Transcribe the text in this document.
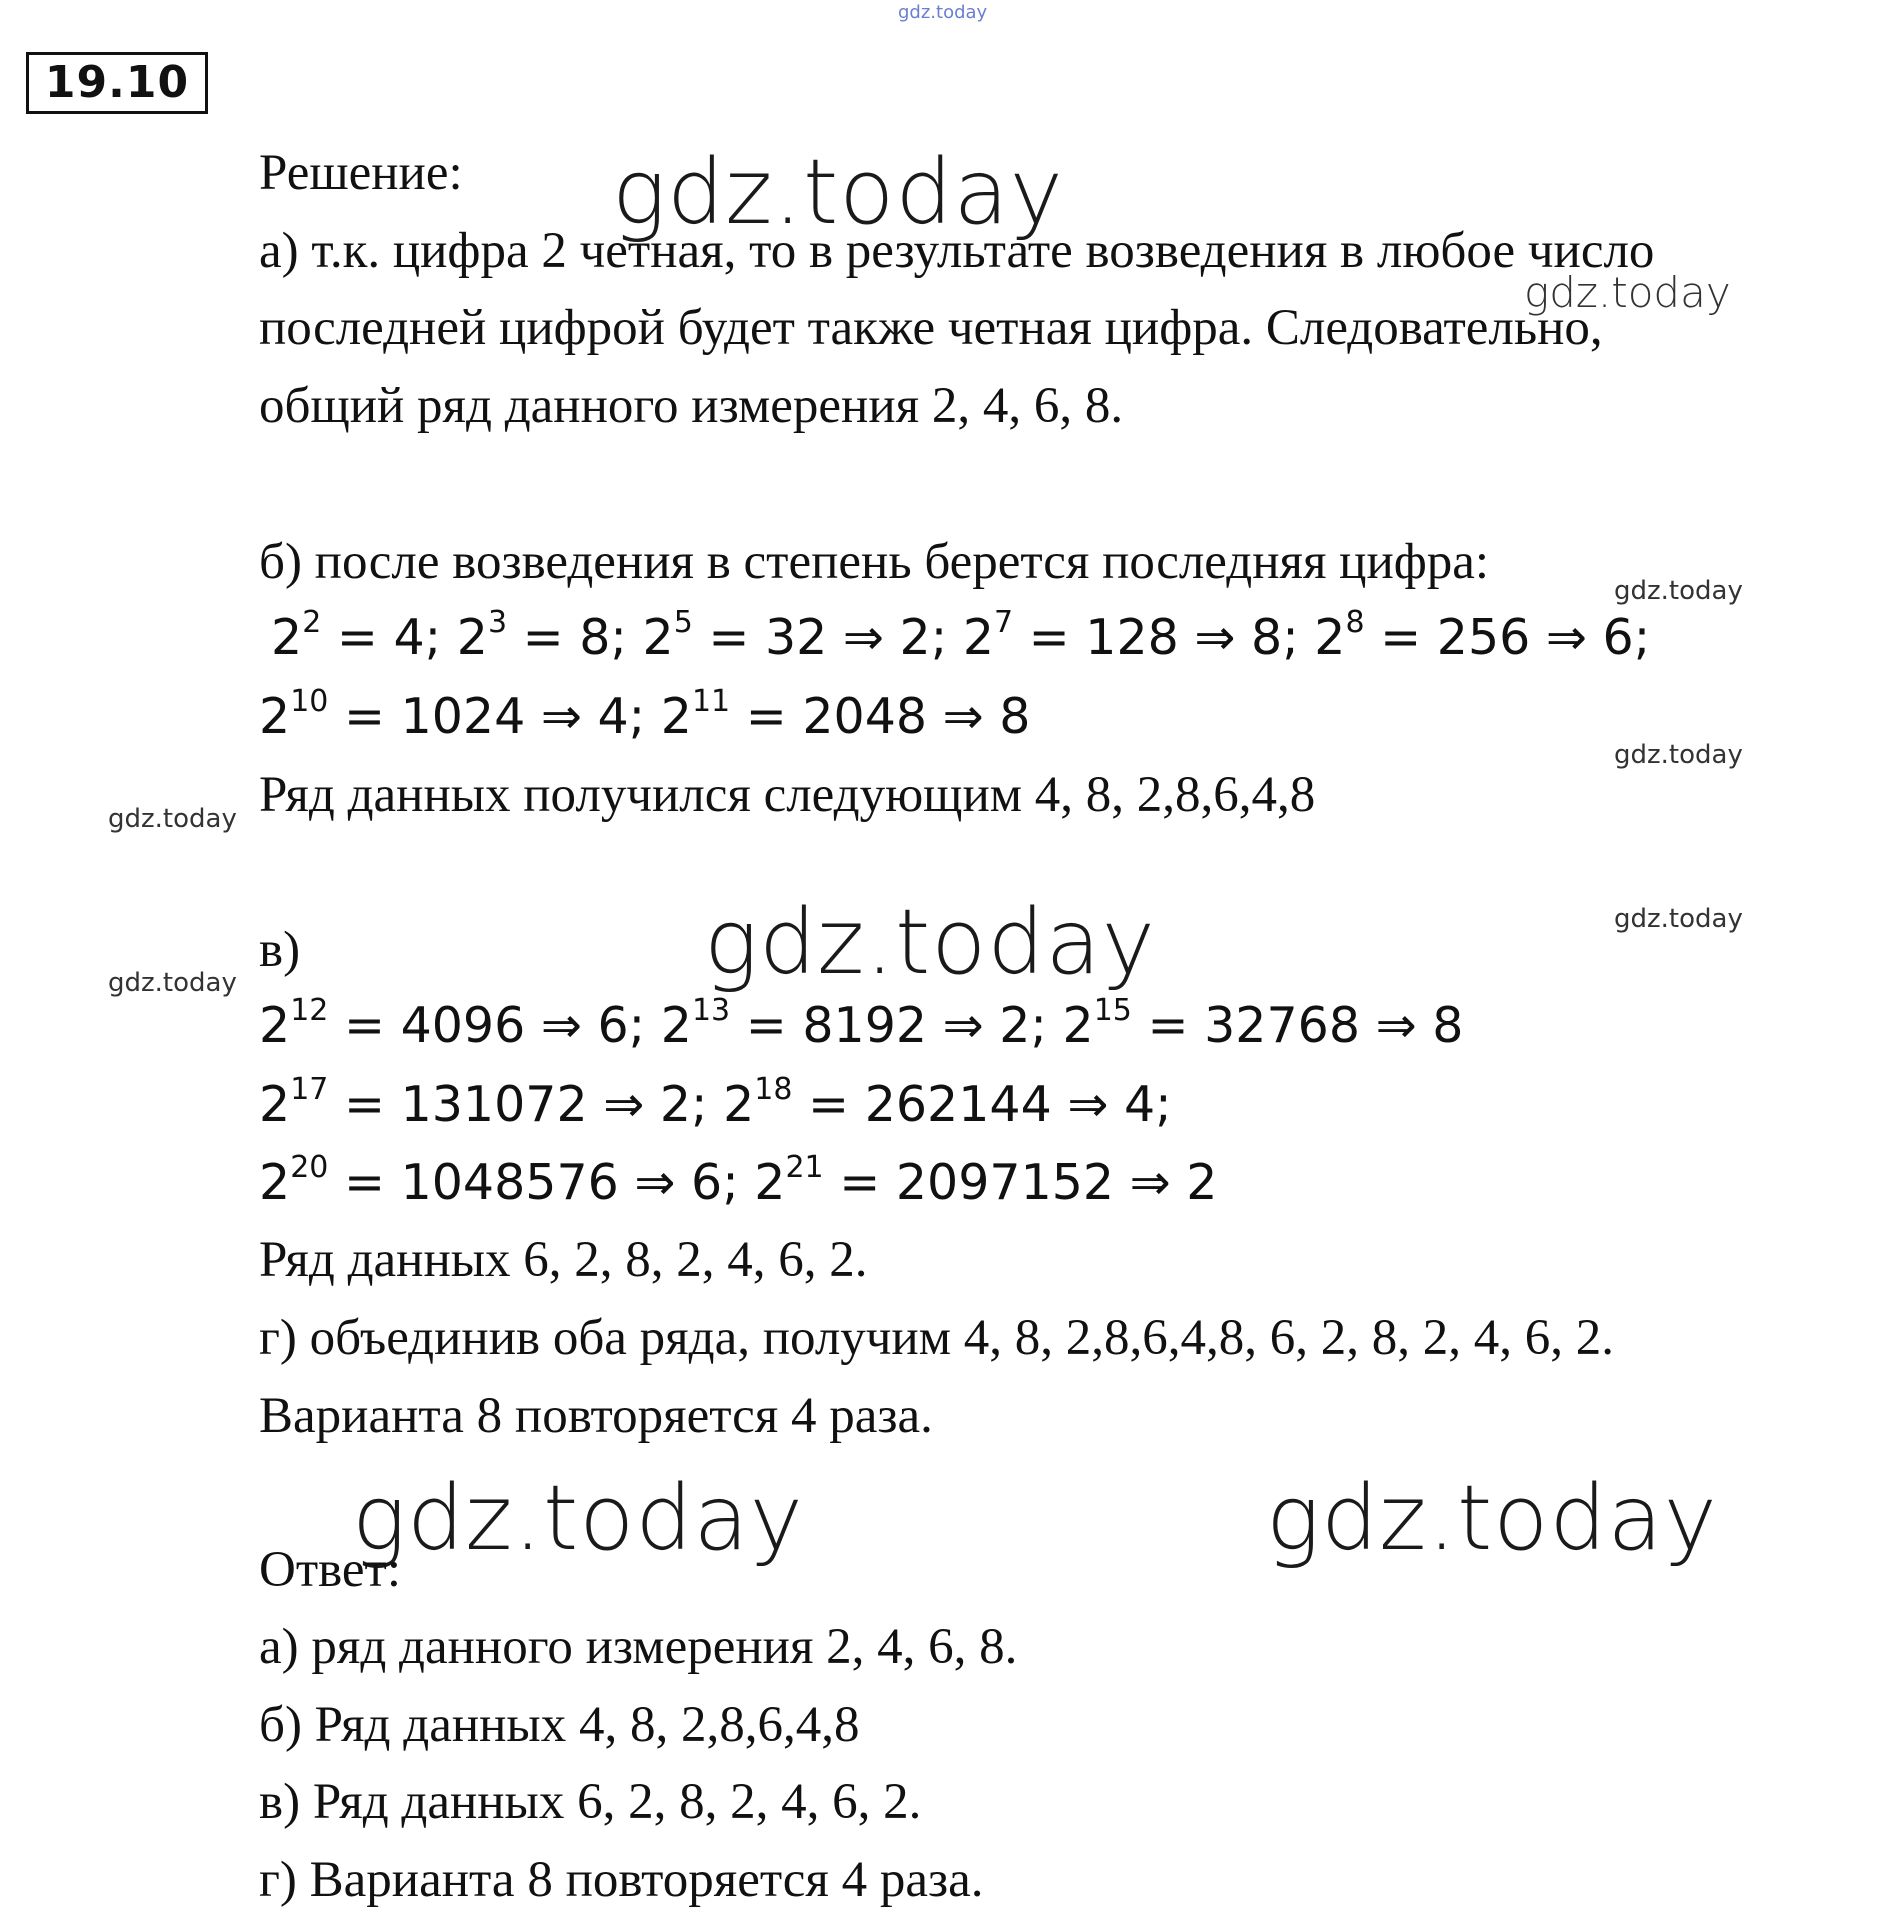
gdz.today
gdz.today
gdz.today
gdz.today
gdz.today
gdz.today
gdz.today
gdz.today	gdz.today
gdz.today	gdz.today
19.10
Решение:
а) т.к. цифра 2 четная, то в результате возведения в любое число
последней цифрой будет также четная цифра. Следовательно,
общий ряд данного измерения 2, 4, 6, 8.
б) после возведения в степень берется последняя цифра:
$2^2 = 4$; $2^3 = 8$; $2^5 = 32$ ⇒ 2; $2^7 = 128$ ⇒ 8; $2^8 = 256$ ⇒ 6;
$2^{10} = 1024$ ⇒ 4; $2^{11} = 2048$ ⇒ 8
Ряд данных получился следующим 4, 8, 2,8,6,4,8
в)
$2^{12} = 4096$ ⇒ 6; $2^{13} = 8192$ ⇒ 2; $2^{15} = 32768$ ⇒ 8
$2^{17} = 131072$ ⇒ 2; $2^{18} = 262144$ ⇒ 4;
$2^{20} = 1048576$ ⇒ 6; $2^{21} = 2097152$ ⇒ 2
Ряд данных 6, 2, 8, 2, 4, 6, 2.
г) объединив оба ряда, получим 4, 8, 2,8,6,4,8, 6, 2, 8, 2, 4, 6, 2.
Варианта 8 повторяется 4 раза.
Ответ:
а) ряд данного измерения 2, 4, 6, 8.
б) Ряд данных 4, 8, 2,8,6,4,8
в) Ряд данных 6, 2, 8, 2, 4, 6, 2.
г) Варианта 8 повторяется 4 раза.
